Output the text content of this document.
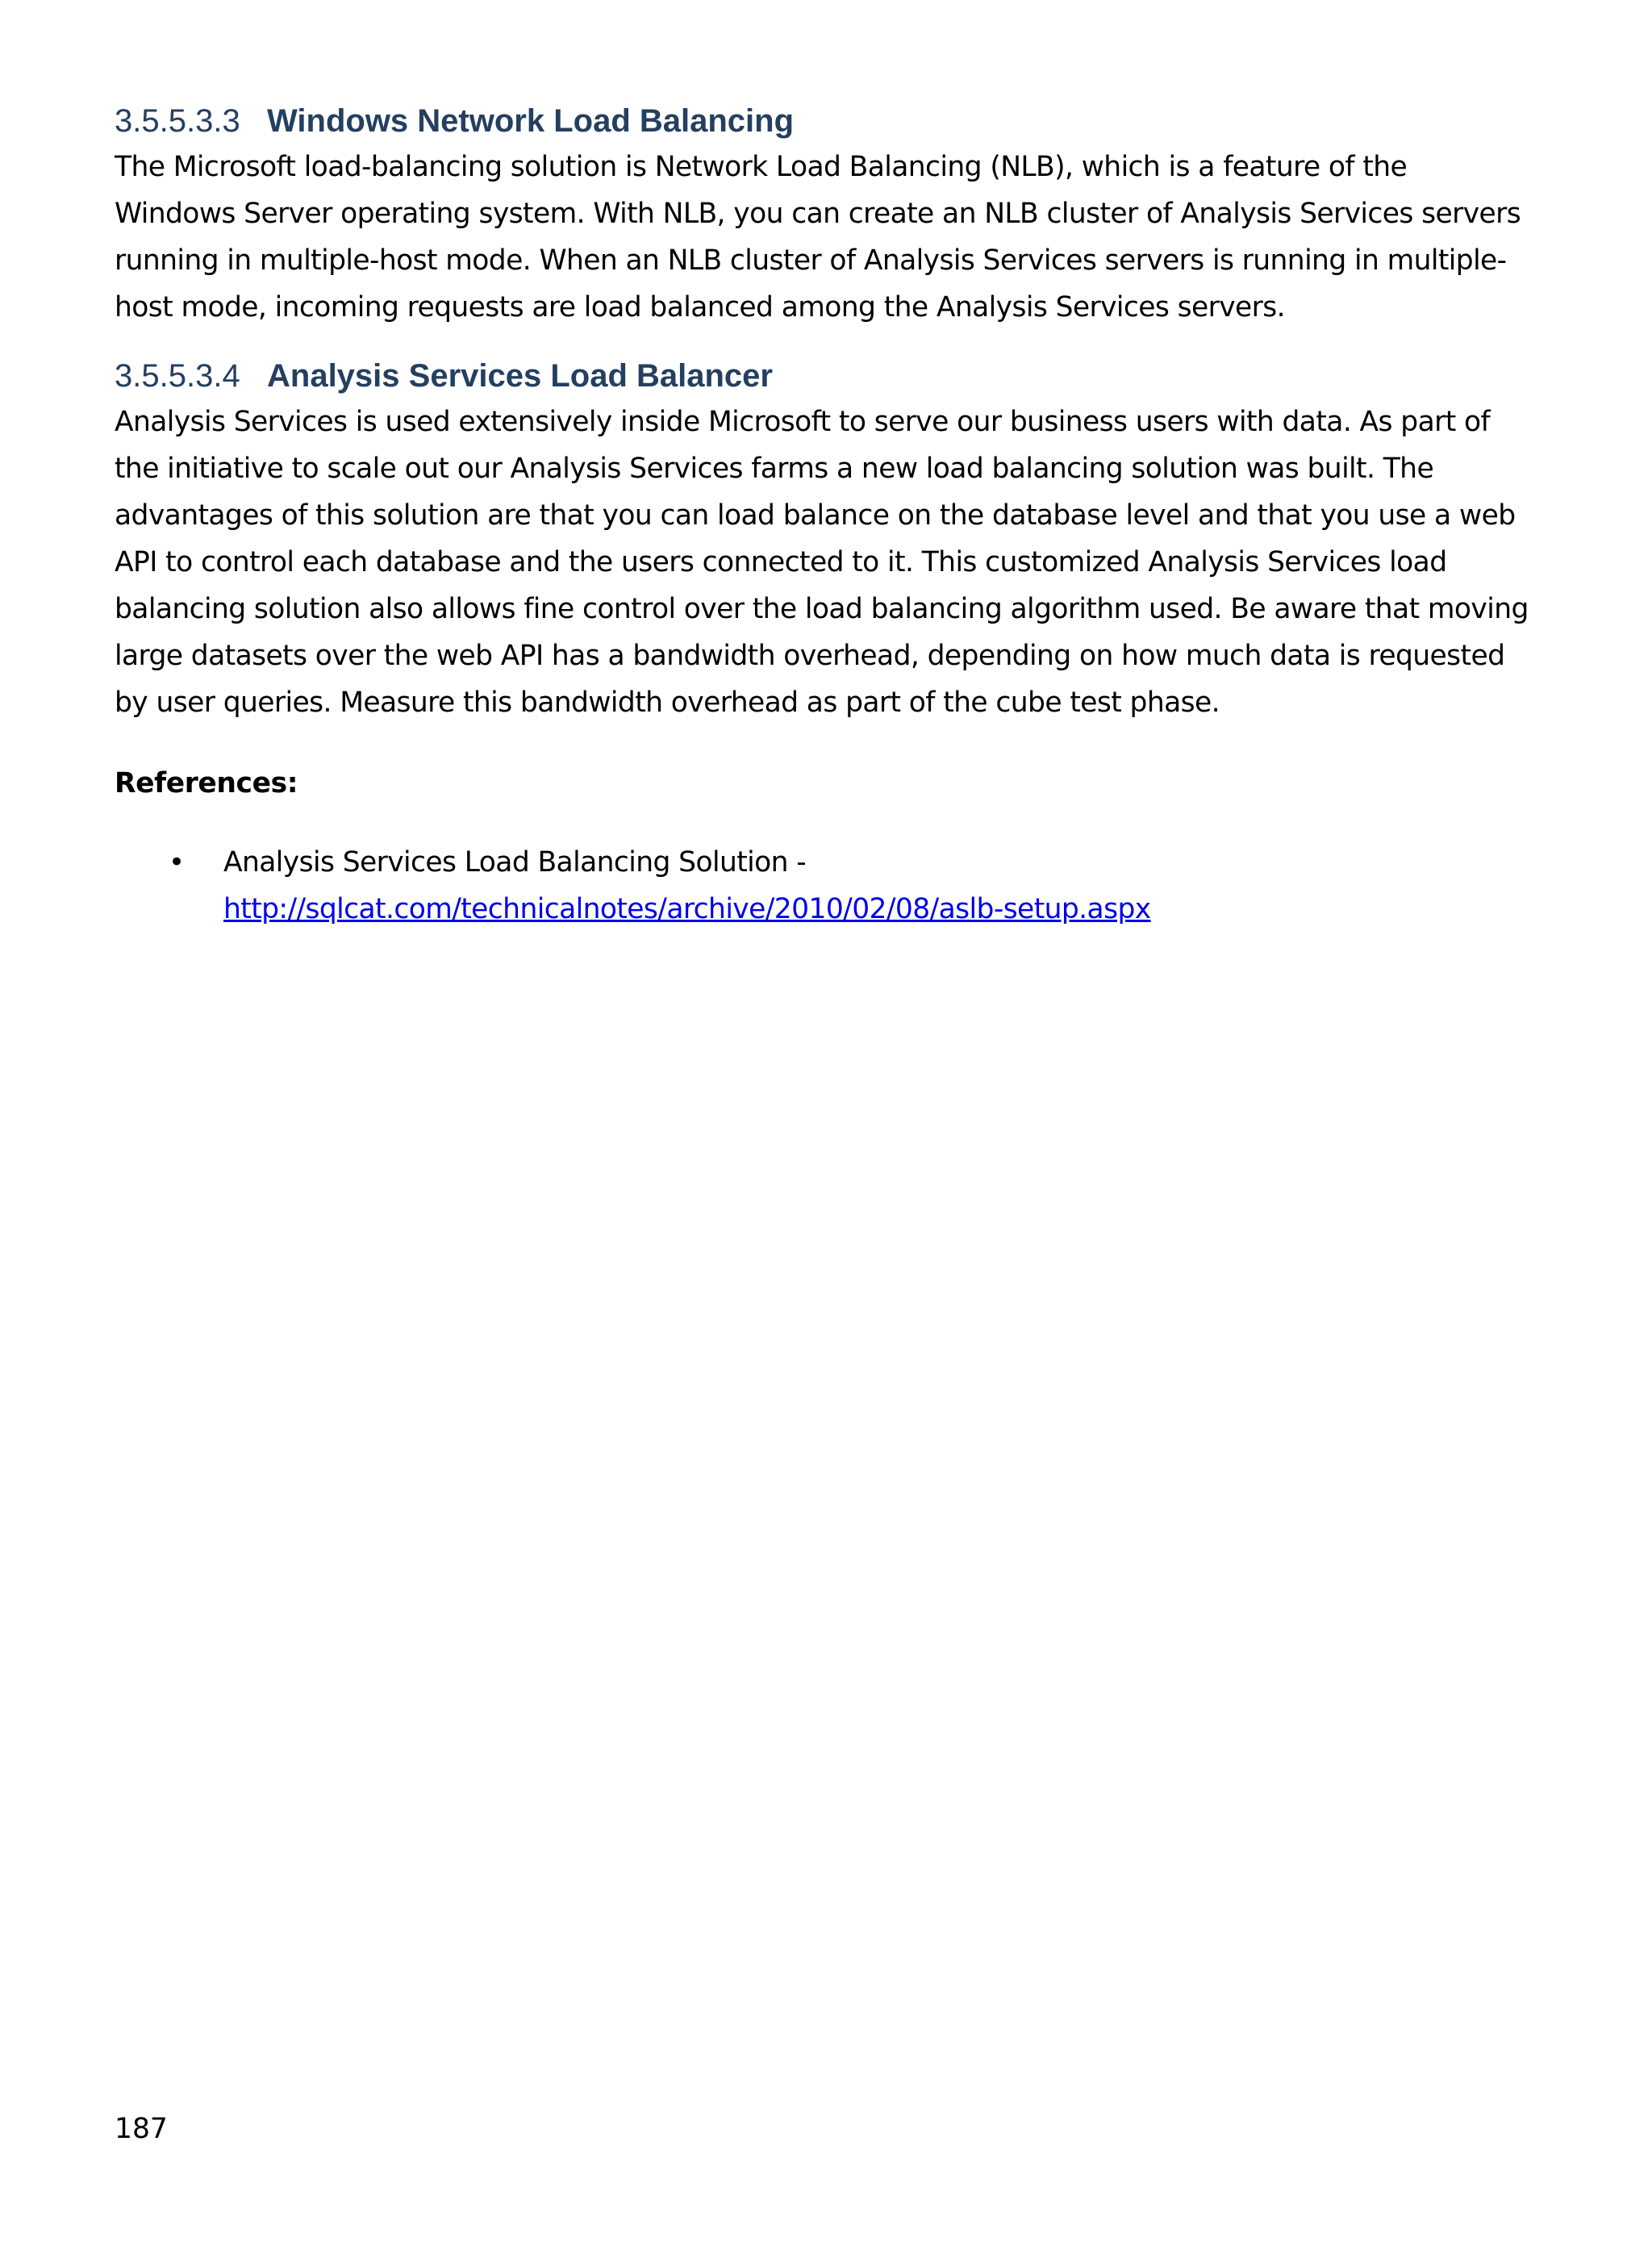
3.5.5.3.3 Windows Network Load Balancing

The Microsoft load-balancing solution is Network Load Balancing (NLB), which is a feature of the
Windows Server operating system. With NLB, you can create an NLB cluster of Analysis Services servers
running in multiple-host mode. When an NLB cluster of Analysis Services servers is running in multiple-
host mode, incoming requests are load balanced among the Analysis Services servers.

3.5.5.3.4 Analysis Services Load Balancer

Analysis Services is used extensively inside Microsoft to serve our business users with data. As part of
the initiative to scale out our Analysis Services farms a new load balancing solution was built. The
advantages of this solution are that you can load balance on the database level and that you use a web
API to control each database and the users connected to it. This customized Analysis Services load
balancing solution also allows fine control over the load balancing algorithm used. Be aware that moving
large datasets over the web API has a bandwidth overhead, depending on how much data is requested
by user queries. Measure this bandwidth overhead as part of the cube test phase.

References:

• Analysis Services Load Balancing Solution -
http://sqlcat.com/technicalnotes/archive/2010/02/08/aslb-setup.aspx
187
